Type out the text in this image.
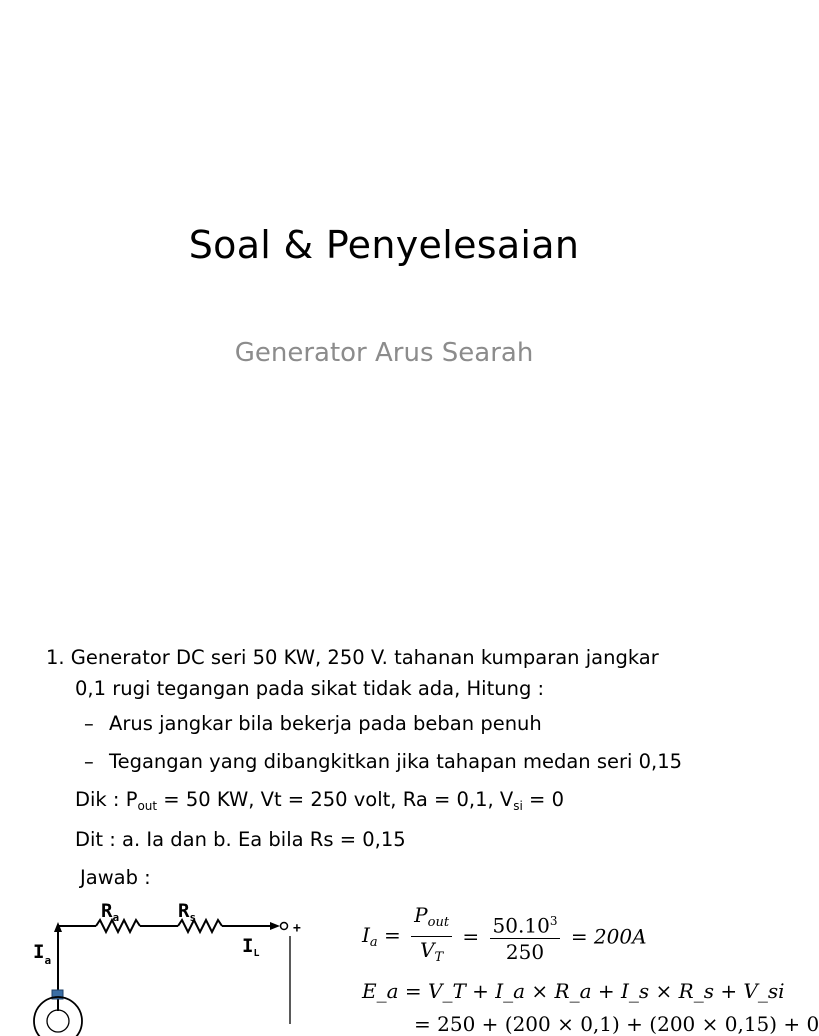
Soal & Penyelesaian
Generator Arus Searah
1. Generator DC seri 50 KW, 250 V. tahanan kumparan jangkar
0,1 rugi tegangan pada sikat tidak ada, Hitung :
– Arus jangkar bila bekerja pada beban penuh
– Tegangan yang dibangkitkan jika tahapan medan seri 0,15
Dik : $P_{out} = 50$ KW, Vt = 250 volt, Ra = 0,1, $V_{si} = 0$
Dit : a. Ia dan b. Ea bila Rs = 0,15
Jawab :
$R_a$	$R_s$
$I_a$
$I_L$
+	$I_a = \frac{P_{out}}{V_T} = \frac{50.10^3}{250} = 200A$
E_a = V_T + I_a × R_a + I_s × R_s + V_si
= 250 + (200 × 0,1) + (200 × 0,15) + 0
